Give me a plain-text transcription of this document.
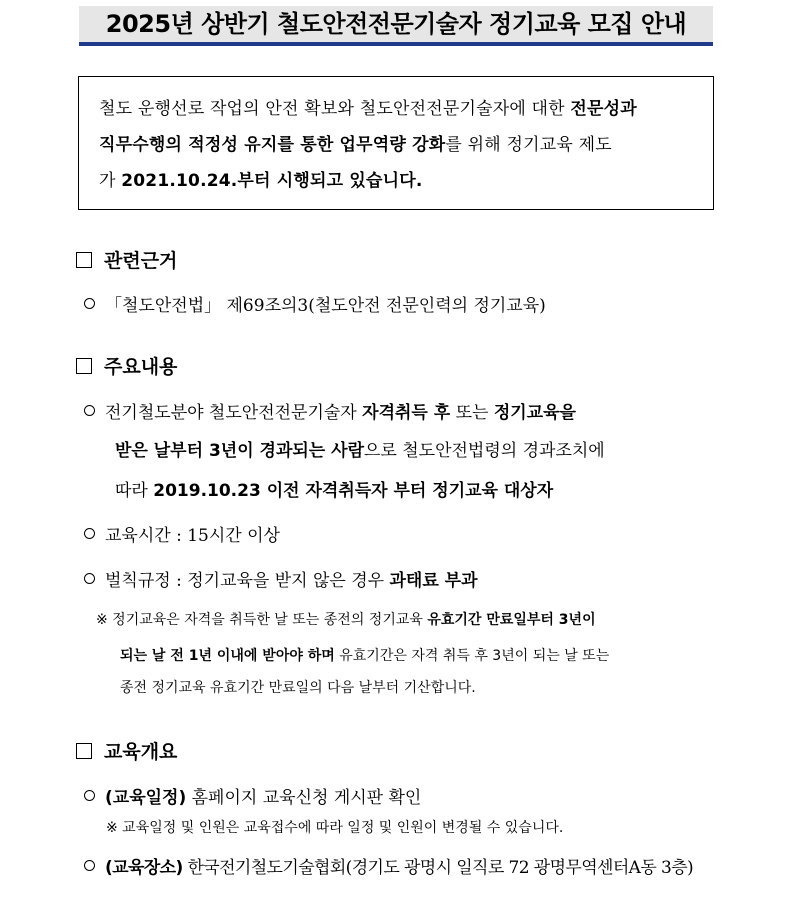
2025년 상반기 철도안전전문기술자 정기교육 모집 안내
철도 운행선로 작업의 안전 확보와 철도안전전문기술자에 대한 전문성과
직무수행의 적정성 유지를 통한 업무역량 강화를 위해 정기교육 제도
가 2021.10.24.부터 시행되고 있습니다.
관련근거
「철도안전법」 제69조의3(철도안전 전문인력의 정기교육)
주요내용
전기철도분야 철도안전전문기술자 자격취득 후 또는 정기교육을
받은 날부터 3년이 경과되는 사람으로 철도안전법령의 경과조치에
따라 2019.10.23 이전 자격취득자 부터 정기교육 대상자
교육시간 : 15시간 이상
벌칙규정 : 정기교육을 받지 않은 경우 과태료 부과
※ 정기교육은 자격을 취득한 날 또는 종전의 정기교육 유효기간 만료일부터 3년이
되는 날 전 1년 이내에 받아야 하며 유효기간은 자격 취득 후 3년이 되는 날 또는
종전 정기교육 유효기간 만료일의 다음 날부터 기산합니다.
교육개요
(교육일정) 홈페이지 교육신청 게시판 확인
※ 교육일정 및 인원은 교육접수에 따라 일정 및 인원이 변경될 수 있습니다.
(교육장소) 한국전기철도기술협회(경기도 광명시 일직로 72 광명무역센터A동 3층)
